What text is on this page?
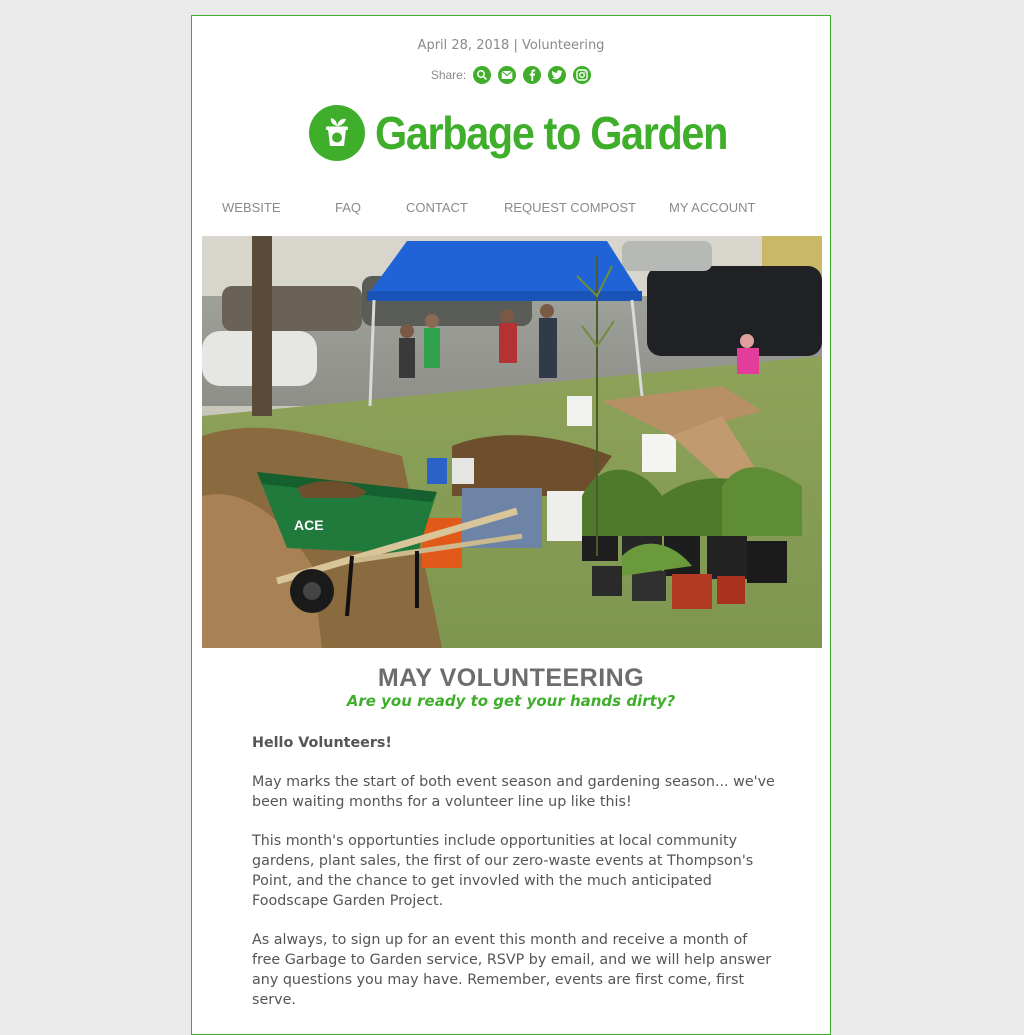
April 28, 2018 | Volunteering
Share:
Garbage to Garden
WEBSITE	FAQ	CONTACT	REQUEST COMPOST	MY ACCOUNT
ACE
MAY VOLUNTEERING
Are you ready to get your hands dirty?

Hello Volunteers!

May marks the start of both event season and gardening season... we've been waiting months for a volunteer line up like this!

This month's opportunties include opportunities at local community gardens, plant sales, the first of our zero-waste events at Thompson's Point, and the chance to get invovled with the much anticipated Foodscape Garden Project.

As always, to sign up for an event this month and receive a month of free Garbage to Garden service, RSVP by email, and we will help answer any questions you may have. Remember, events are first come, first serve.
